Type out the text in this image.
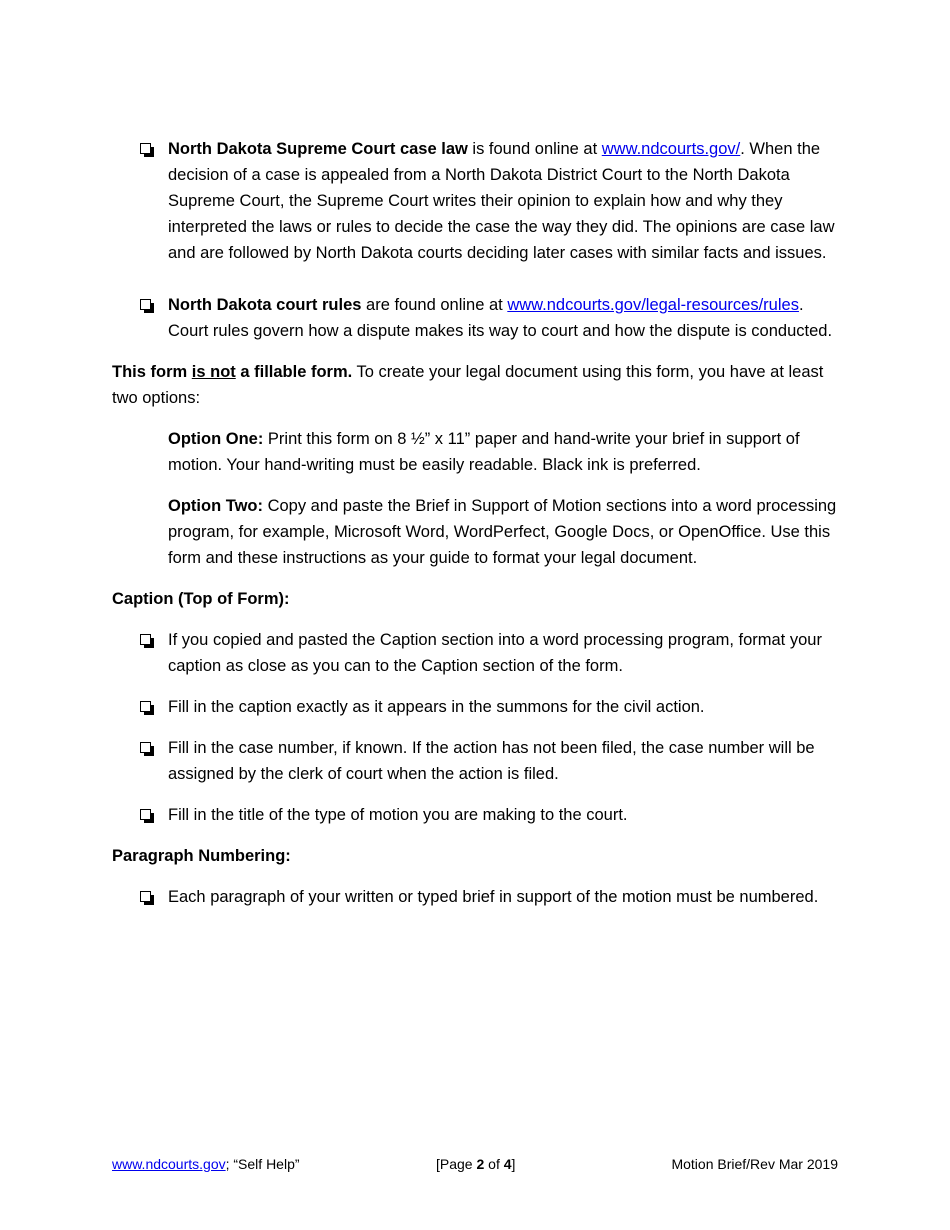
North Dakota Supreme Court case law is found online at www.ndcourts.gov/. When the decision of a case is appealed from a North Dakota District Court to the North Dakota Supreme Court, the Supreme Court writes their opinion to explain how and why they interpreted the laws or rules to decide the case the way they did. The opinions are case law and are followed by North Dakota courts deciding later cases with similar facts and issues.

North Dakota court rules are found online at www.ndcourts.gov/legal-resources/rules. Court rules govern how a dispute makes its way to court and how the dispute is conducted.

This form is not a fillable form. To create your legal document using this form, you have at least two options:

Option One: Print this form on 8 ½” x 11” paper and hand-write your brief in support of motion. Your hand-writing must be easily readable. Black ink is preferred.

Option Two: Copy and paste the Brief in Support of Motion sections into a word processing program, for example, Microsoft Word, WordPerfect, Google Docs, or OpenOffice. Use this form and these instructions as your guide to format your legal document.

Caption (Top of Form):

If you copied and pasted the Caption section into a word processing program, format your caption as close as you can to the Caption section of the form.

Fill in the caption exactly as it appears in the summons for the civil action.

Fill in the case number, if known. If the action has not been filed, the case number will be assigned by the clerk of court when the action is filed.

Fill in the title of the type of motion you are making to the court.

Paragraph Numbering:

Each paragraph of your written or typed brief in support of the motion must be numbered.

www.ndcourts.gov; “Self Help”	[Page 2 of 4]	Motion Brief/Rev Mar 2019
